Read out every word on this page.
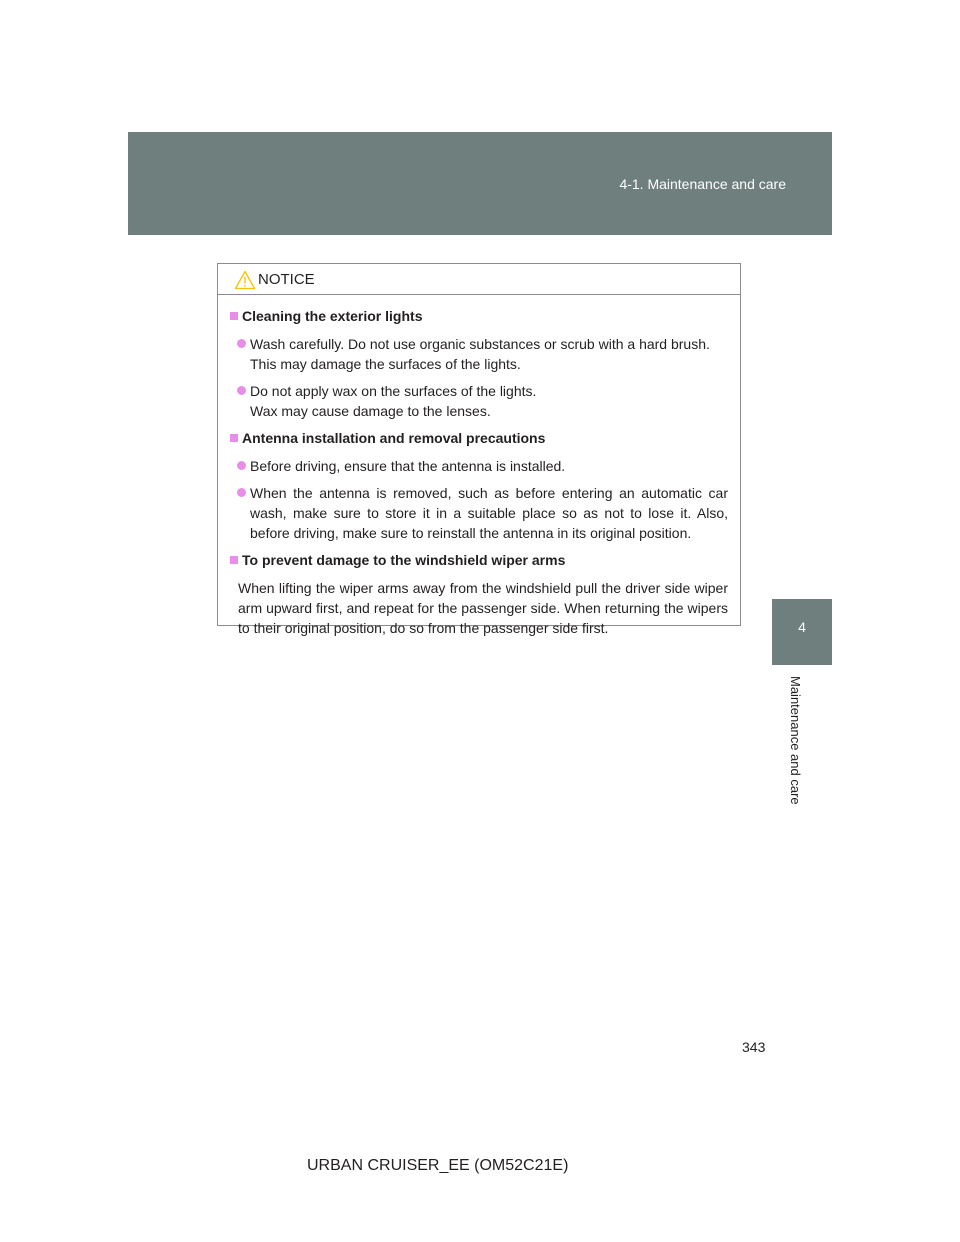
4-1. Maintenance and care
4
Maintenance and care
NOTICE
Cleaning the exterior lights
Wash carefully. Do not use organic substances or scrub with a hard brush.
This may damage the surfaces of the lights.
Do not apply wax on the surfaces of the lights.
Wax may cause damage to the lenses.
Antenna installation and removal precautions
Before driving, ensure that the antenna is installed.
When the antenna is removed, such as before entering an automatic car wash, make sure to store it in a suitable place so as not to lose it. Also, before driving, make sure to reinstall the antenna in its original position.
To prevent damage to the windshield wiper arms
When lifting the wiper arms away from the windshield pull the driver side wiper arm upward first, and repeat for the passenger side. When returning the wipers to their original position, do so from the passenger side first.
343
URBAN CRUISER_EE (OM52C21E)
